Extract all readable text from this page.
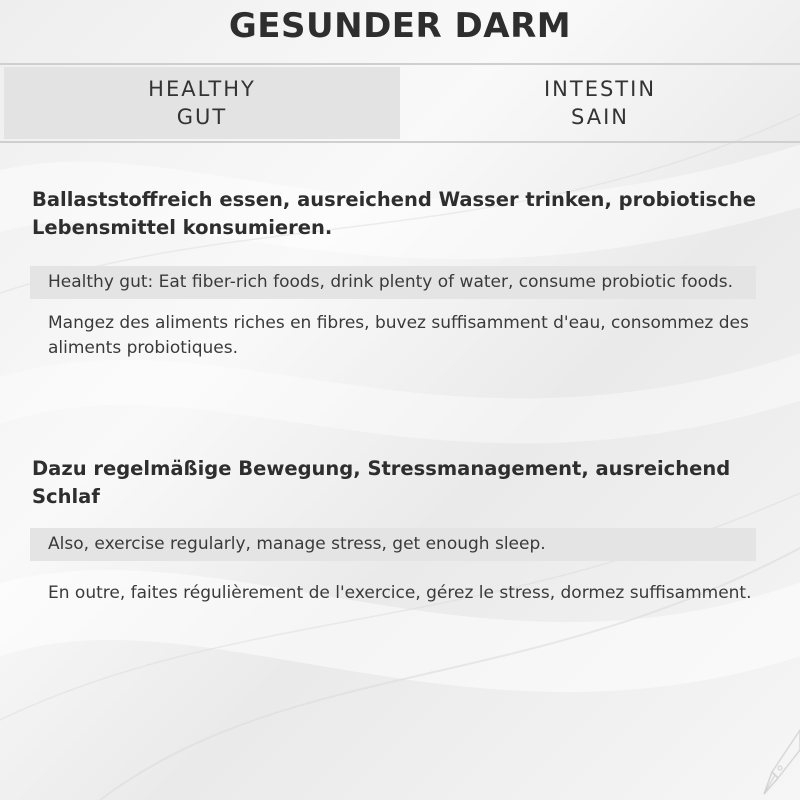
GESUNDER DARM
HEALTHY
GUT
INTESTIN
SAIN
Ballaststoffreich essen, ausreichend Wasser trinken, probiotische Lebensmittel konsumieren.
Healthy gut: Eat fiber-rich foods, drink plenty of water, consume probiotic foods.
Mangez des aliments riches en fibres, buvez suffisamment d'eau, consommez des aliments probiotiques.
Dazu regelmäßige Bewegung, Stressmanagement, ausreichend Schlaf
Also, exercise regularly, manage stress, get enough sleep.
En outre, faites régulièrement de l'exercice, gérez le stress, dormez suffisamment.
